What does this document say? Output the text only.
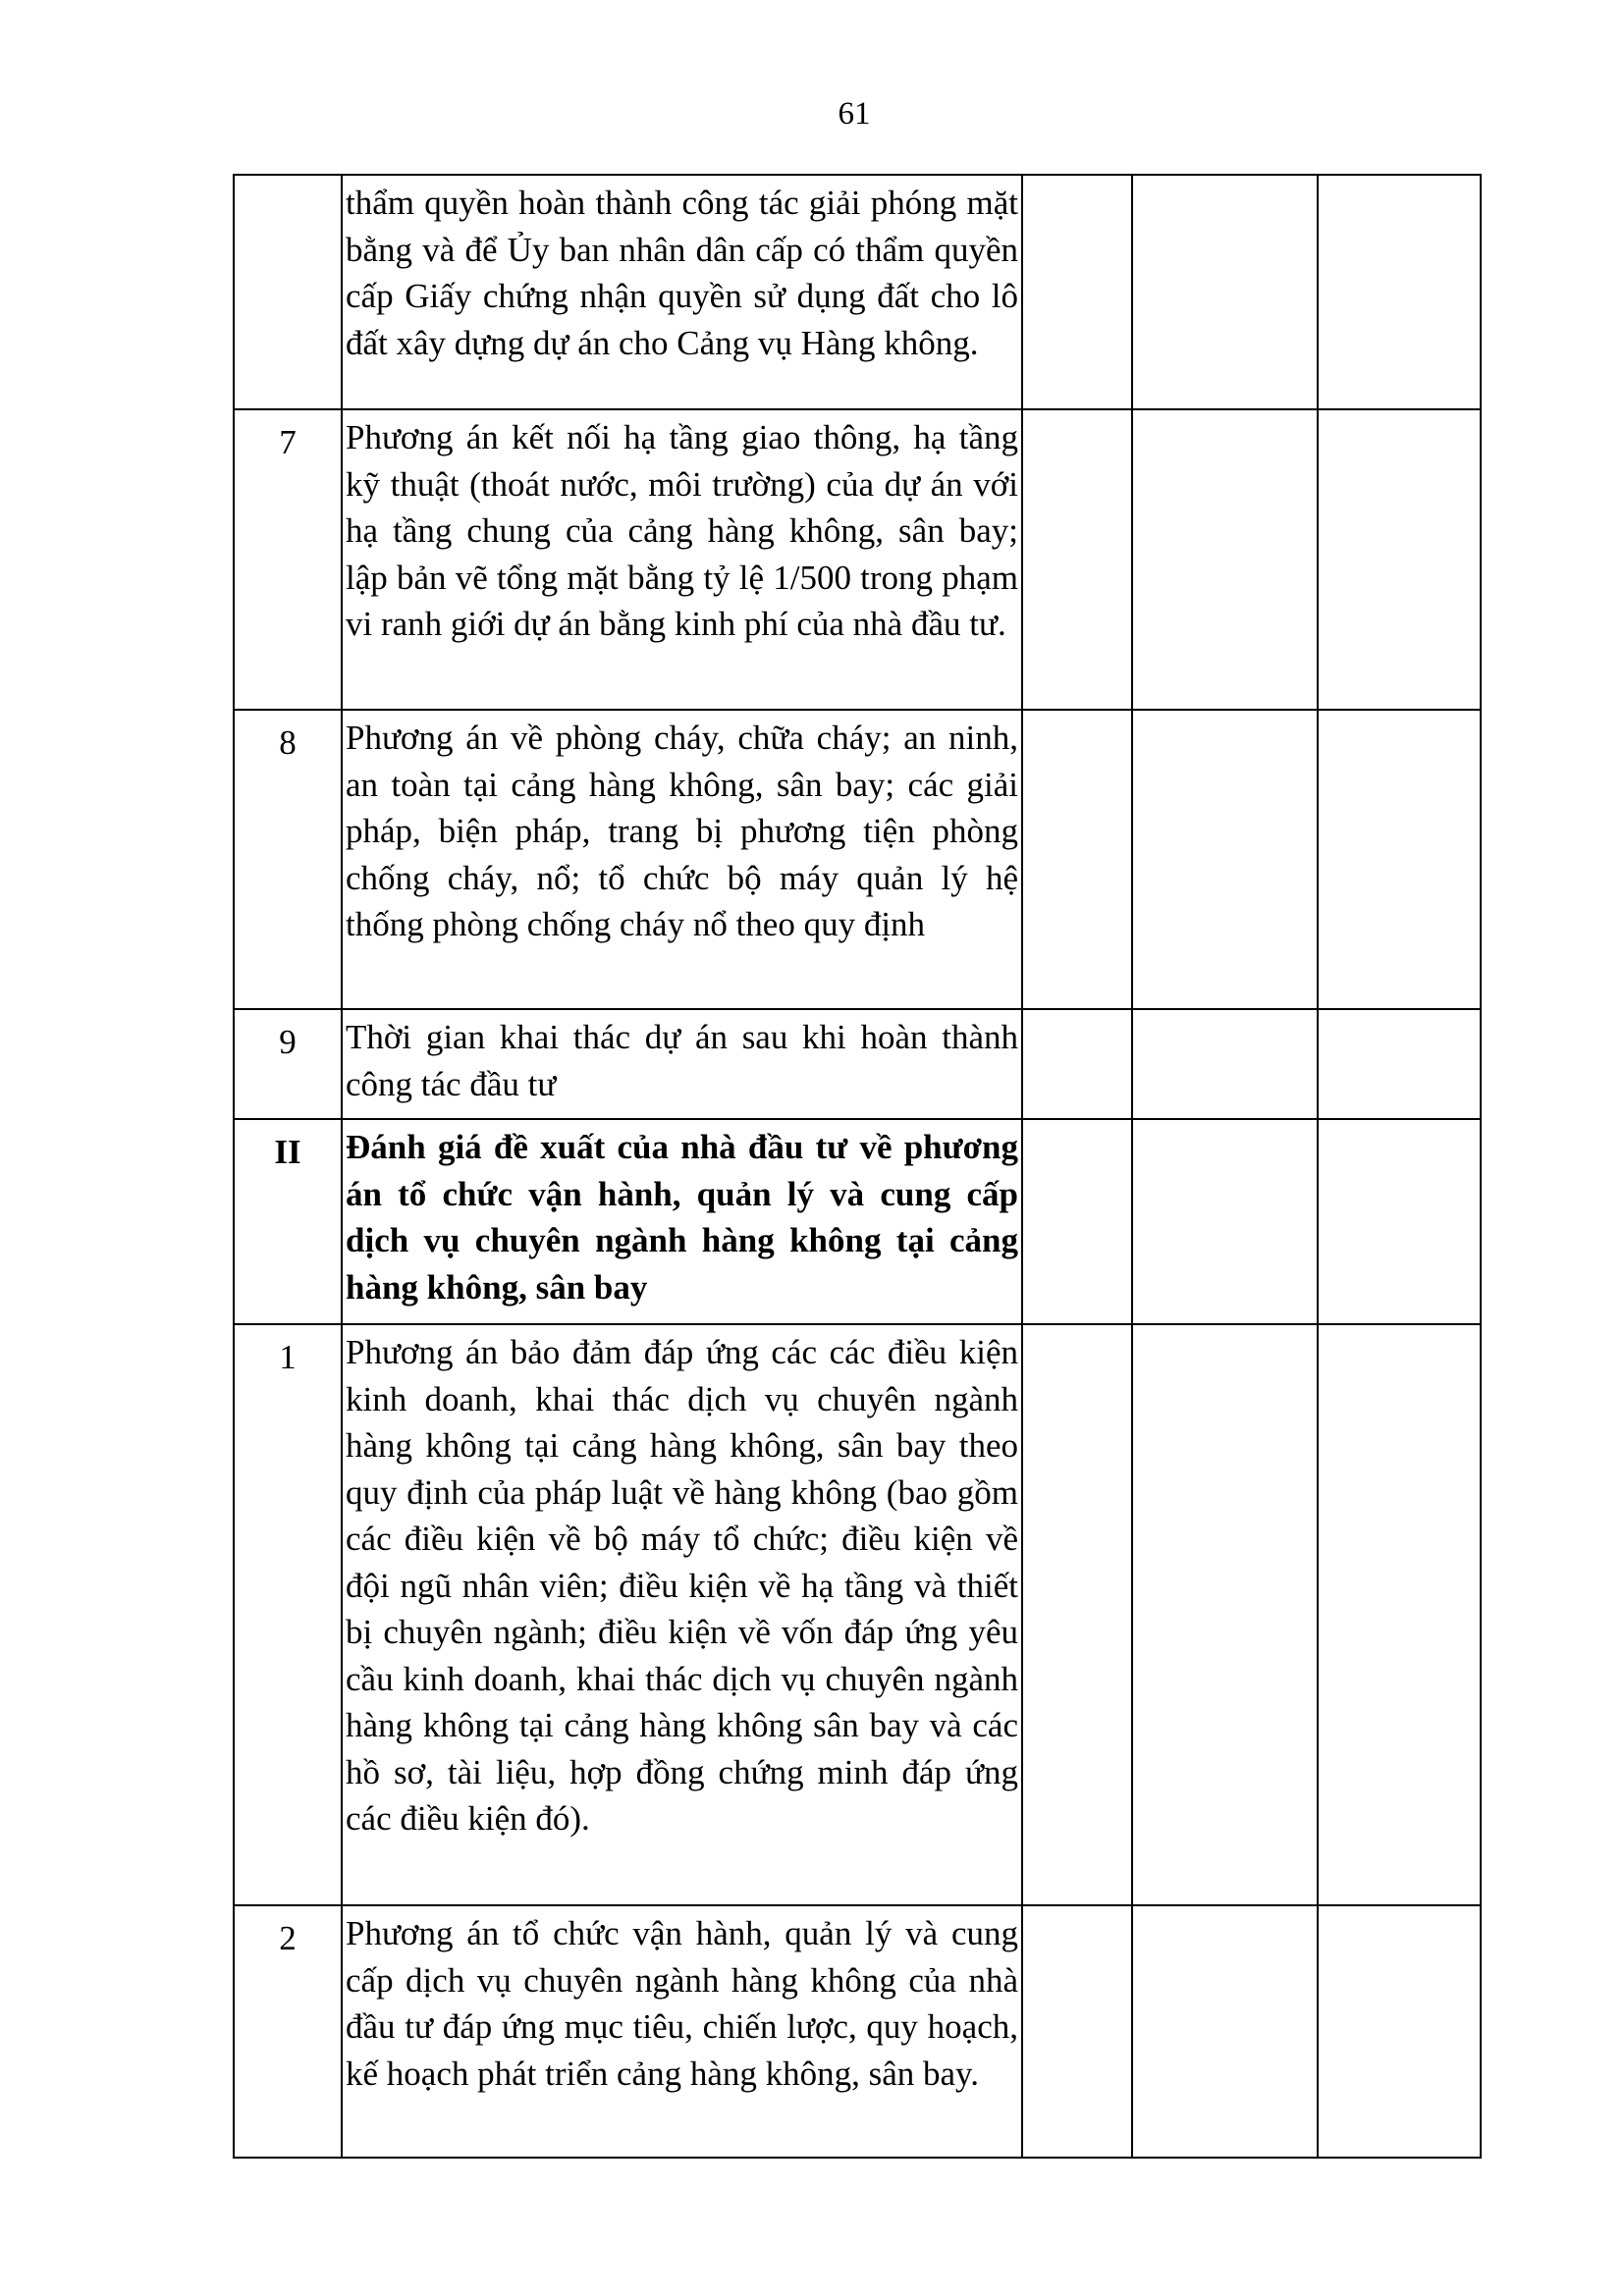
61
	thẩm quyền hoàn thành công tác giải phóng mặt bằng và để Ủy ban nhân dân cấp có thẩm quyền cấp Giấy chứng nhận quyền sử dụng đất cho lô đất xây dựng dự án cho Cảng vụ Hàng không.			
7	Phương án kết nối hạ tầng giao thông, hạ tầng kỹ thuật (thoát nước, môi trường) của dự án với hạ tầng chung của cảng hàng không, sân bay; lập bản vẽ tổng mặt bằng tỷ lệ 1/500 trong phạm vi ranh giới dự án bằng kinh phí của nhà đầu tư.			
8	Phương án về phòng cháy, chữa cháy; an ninh, an toàn tại cảng hàng không, sân bay; các giải pháp, biện pháp, trang bị phương tiện phòng chống cháy, nổ; tổ chức bộ máy quản lý hệ thống phòng chống cháy nổ theo quy định			
9	Thời gian khai thác dự án sau khi hoàn thành công tác đầu tư			
II	Đánh giá đề xuất của nhà đầu tư về phương án tổ chức vận hành, quản lý và cung cấp dịch vụ chuyên ngành hàng không tại cảng hàng không, sân bay			
1	Phương án bảo đảm đáp ứng các các điều kiện kinh doanh, khai thác dịch vụ chuyên ngành hàng không tại cảng hàng không, sân bay theo quy định của pháp luật về hàng không (bao gồm các điều kiện về bộ máy tổ chức; điều kiện về đội ngũ nhân viên; điều kiện về hạ tầng và thiết bị chuyên ngành; điều kiện về vốn đáp ứng yêu cầu kinh doanh, khai thác dịch vụ chuyên ngành hàng không tại cảng hàng không sân bay và các hồ sơ, tài liệu, hợp đồng chứng minh đáp ứng các điều kiện đó).			
2	Phương án tổ chức vận hành, quản lý và cung cấp dịch vụ chuyên ngành hàng không của nhà đầu tư đáp ứng mục tiêu, chiến lược, quy hoạch, kế hoạch phát triển cảng hàng không, sân bay.			
